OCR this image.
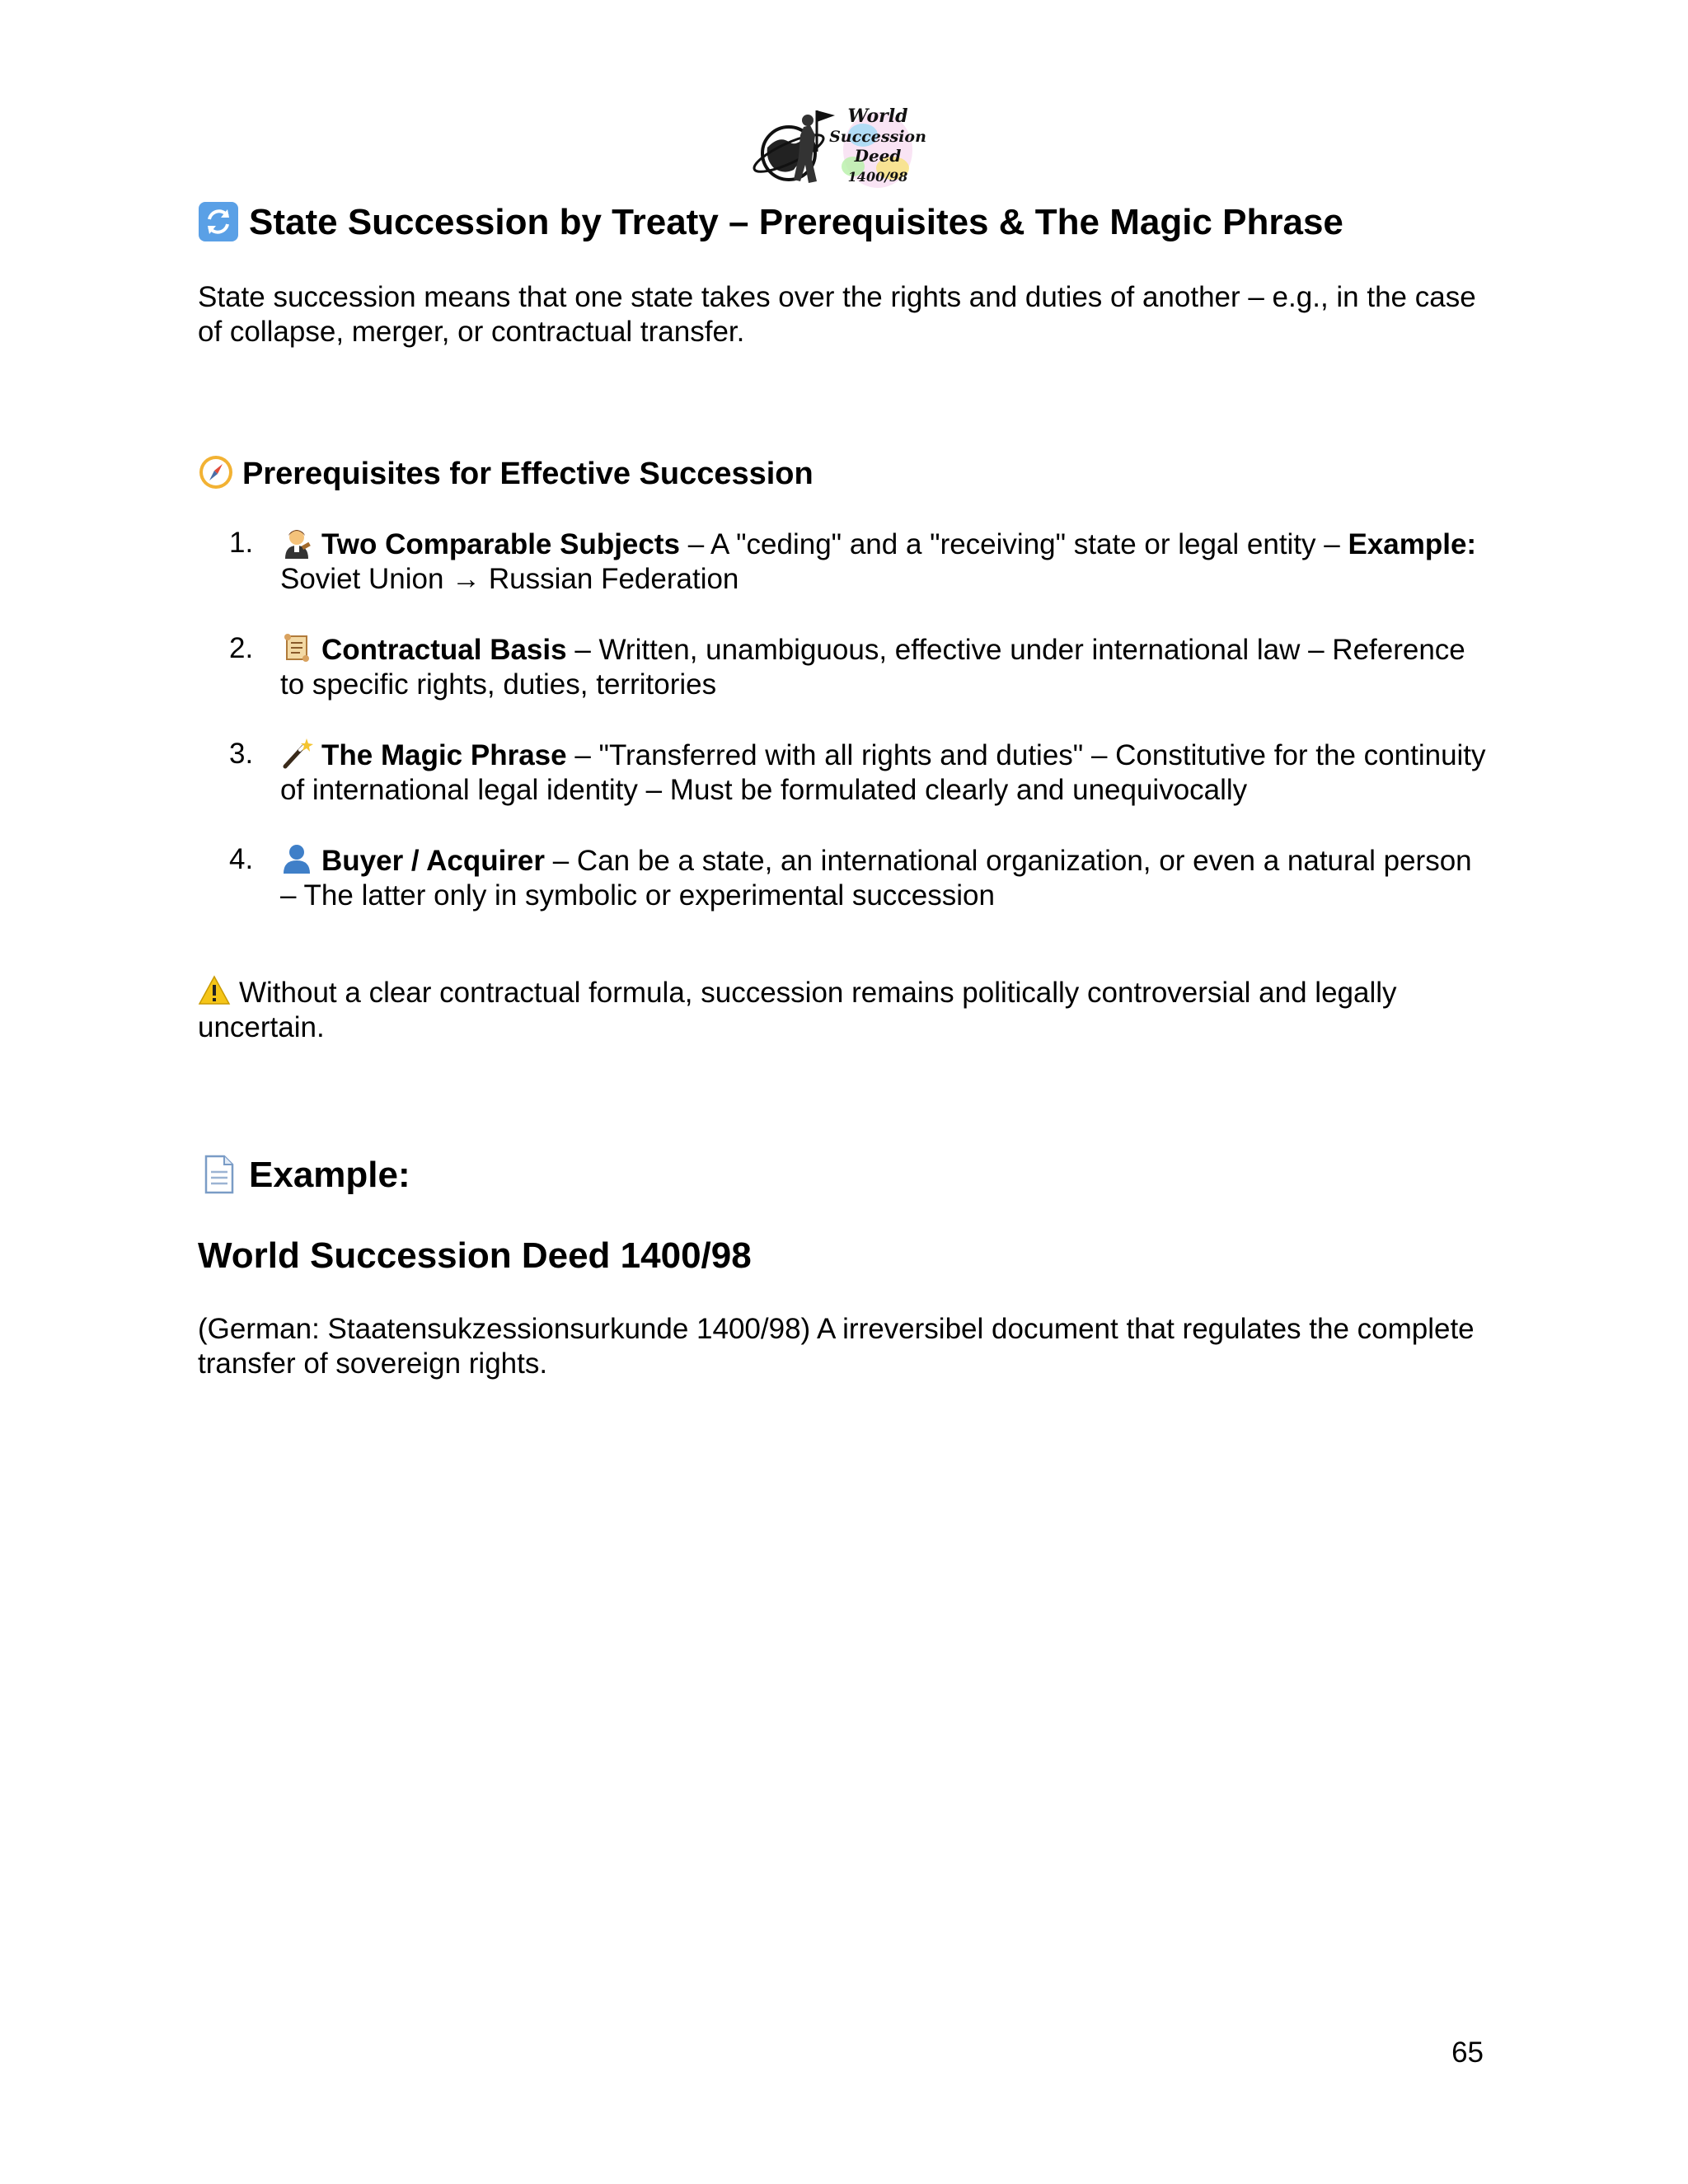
World
Succession
Deed
1400/98
State Succession by Treaty – Prerequisites & The Magic Phrase
State succession means that one state takes over the rights and duties of another – e.g., in the case of collapse, merger, or contractual transfer.
Prerequisites for Effective Succession
1. Two Comparable Subjects – A "ceding" and a "receiving" state or legal entity – Example: Soviet Union → Russian Federation
2. Contractual Basis – Written, unambiguous, effective under international law – Reference to specific rights, duties, territories
3. The Magic Phrase – "Transferred with all rights and duties" – Constitutive for the continuity of international legal identity – Must be formulated clearly and unequivocally
4. Buyer / Acquirer – Can be a state, an international organization, or even a natural person – The latter only in symbolic or experimental succession
Without a clear contractual formula, succession remains politically controversial and legally uncertain.
Example:
World Succession Deed 1400/98
(German: Staatensukzessionsurkunde 1400/98) A irreversibel document that regulates the complete transfer of sovereign rights.
65
